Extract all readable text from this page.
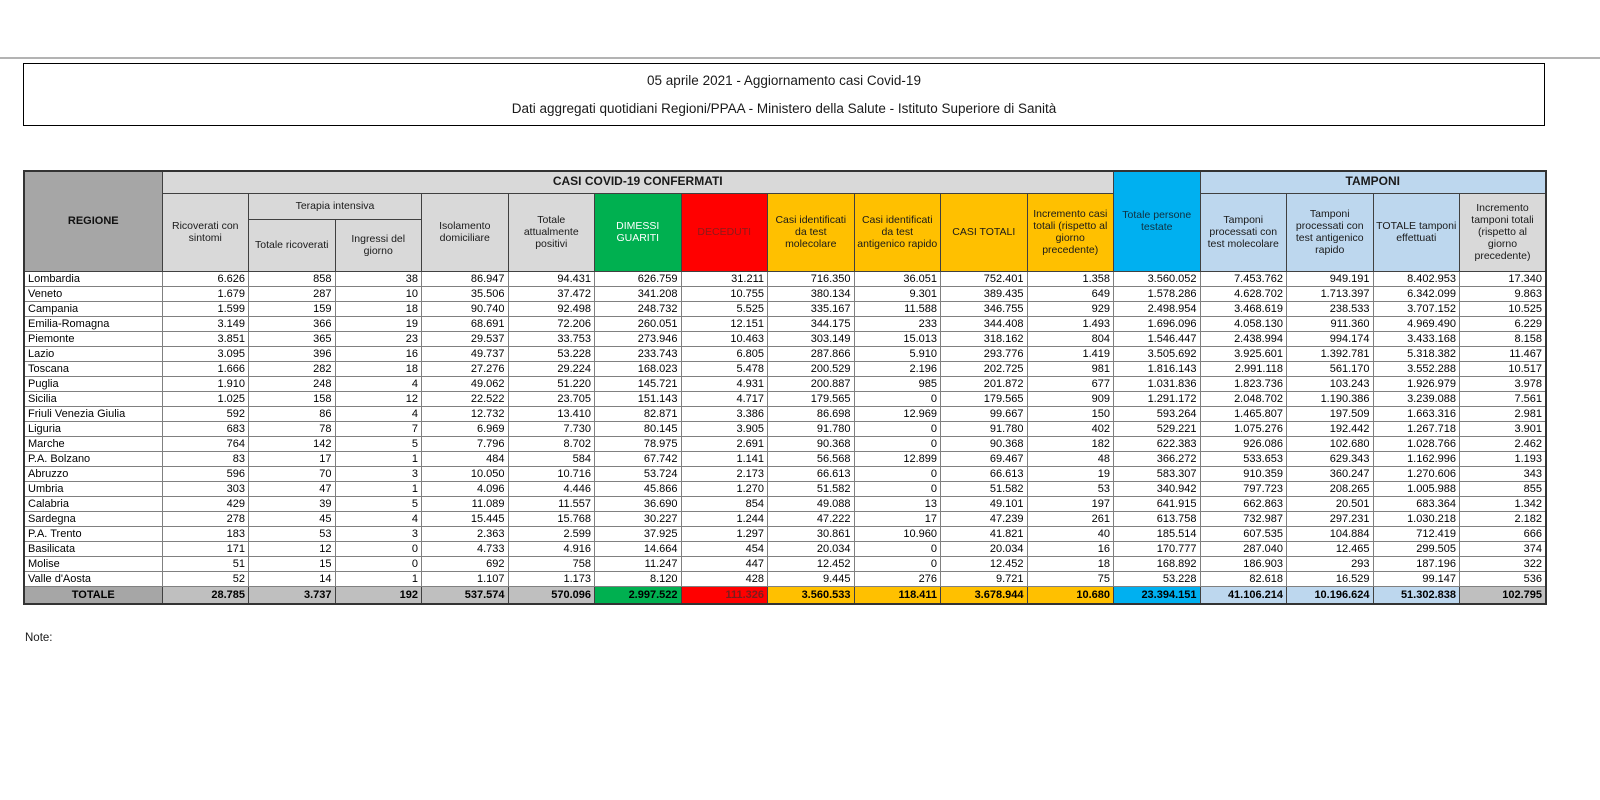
05 aprile 2021 - Aggiornamento casi Covid-19
Dati aggregati quotidiani Regioni/PPAA - Ministero della Salute - Istituto Superiore di Sanità
REGIONE	CASI COVID-19 CONFERMATI											Totale persone testate	TAMPONI			
	Ricoverati con sintomi	Terapia intensiva		Isolamento domiciliare	Totale attualmente positivi	DIMESSI GUARITI	DECEDUTI	Casi identificati da test molecolare	Casi identificati da test antigenico rapido	CASI TOTALI	Incremento casi totali (rispetto al giorno precedente)		Tamponi processati con test molecolare	Tamponi processati con test antigenico rapido	TOTALE tamponi effettuati	Incremento tamponi totali (rispetto al giorno precedente)
		Totale ricoverati	Ingressi del giorno													
Lombardia	6.626	858	38	86.947	94.431	626.759	31.211	716.350	36.051	752.401	1.358	3.560.052	7.453.762	949.191	8.402.953	17.340
Veneto	1.679	287	10	35.506	37.472	341.208	10.755	380.134	9.301	389.435	649	1.578.286	4.628.702	1.713.397	6.342.099	9.863
Campania	1.599	159	18	90.740	92.498	248.732	5.525	335.167	11.588	346.755	929	2.498.954	3.468.619	238.533	3.707.152	10.525
Emilia-Romagna	3.149	366	19	68.691	72.206	260.051	12.151	344.175	233	344.408	1.493	1.696.096	4.058.130	911.360	4.969.490	6.229
Piemonte	3.851	365	23	29.537	33.753	273.946	10.463	303.149	15.013	318.162	804	1.546.447	2.438.994	994.174	3.433.168	8.158
Lazio	3.095	396	16	49.737	53.228	233.743	6.805	287.866	5.910	293.776	1.419	3.505.692	3.925.601	1.392.781	5.318.382	11.467
Toscana	1.666	282	18	27.276	29.224	168.023	5.478	200.529	2.196	202.725	981	1.816.143	2.991.118	561.170	3.552.288	10.517
Puglia	1.910	248	4	49.062	51.220	145.721	4.931	200.887	985	201.872	677	1.031.836	1.823.736	103.243	1.926.979	3.978
Sicilia	1.025	158	12	22.522	23.705	151.143	4.717	179.565	0	179.565	909	1.291.172	2.048.702	1.190.386	3.239.088	7.561
Friuli Venezia Giulia	592	86	4	12.732	13.410	82.871	3.386	86.698	12.969	99.667	150	593.264	1.465.807	197.509	1.663.316	2.981
Liguria	683	78	7	6.969	7.730	80.145	3.905	91.780	0	91.780	402	529.221	1.075.276	192.442	1.267.718	3.901
Marche	764	142	5	7.796	8.702	78.975	2.691	90.368	0	90.368	182	622.383	926.086	102.680	1.028.766	2.462
P.A. Bolzano	83	17	1	484	584	67.742	1.141	56.568	12.899	69.467	48	366.272	533.653	629.343	1.162.996	1.193
Abruzzo	596	70	3	10.050	10.716	53.724	2.173	66.613	0	66.613	19	583.307	910.359	360.247	1.270.606	343
Umbria	303	47	1	4.096	4.446	45.866	1.270	51.582	0	51.582	53	340.942	797.723	208.265	1.005.988	855
Calabria	429	39	5	11.089	11.557	36.690	854	49.088	13	49.101	197	641.915	662.863	20.501	683.364	1.342
Sardegna	278	45	4	15.445	15.768	30.227	1.244	47.222	17	47.239	261	613.758	732.987	297.231	1.030.218	2.182
P.A. Trento	183	53	3	2.363	2.599	37.925	1.297	30.861	10.960	41.821	40	185.514	607.535	104.884	712.419	666
Basilicata	171	12	0	4.733	4.916	14.664	454	20.034	0	20.034	16	170.777	287.040	12.465	299.505	374
Molise	51	15	0	692	758	11.247	447	12.452	0	12.452	18	168.892	186.903	293	187.196	322
Valle d'Aosta	52	14	1	1.107	1.173	8.120	428	9.445	276	9.721	75	53.228	82.618	16.529	99.147	536
TOTALE	28.785	3.737	192	537.574	570.096	2.997.522	111.326	3.560.533	118.411	3.678.944	10.680	23.394.151	41.106.214	10.196.624	51.302.838	102.795
Note:
